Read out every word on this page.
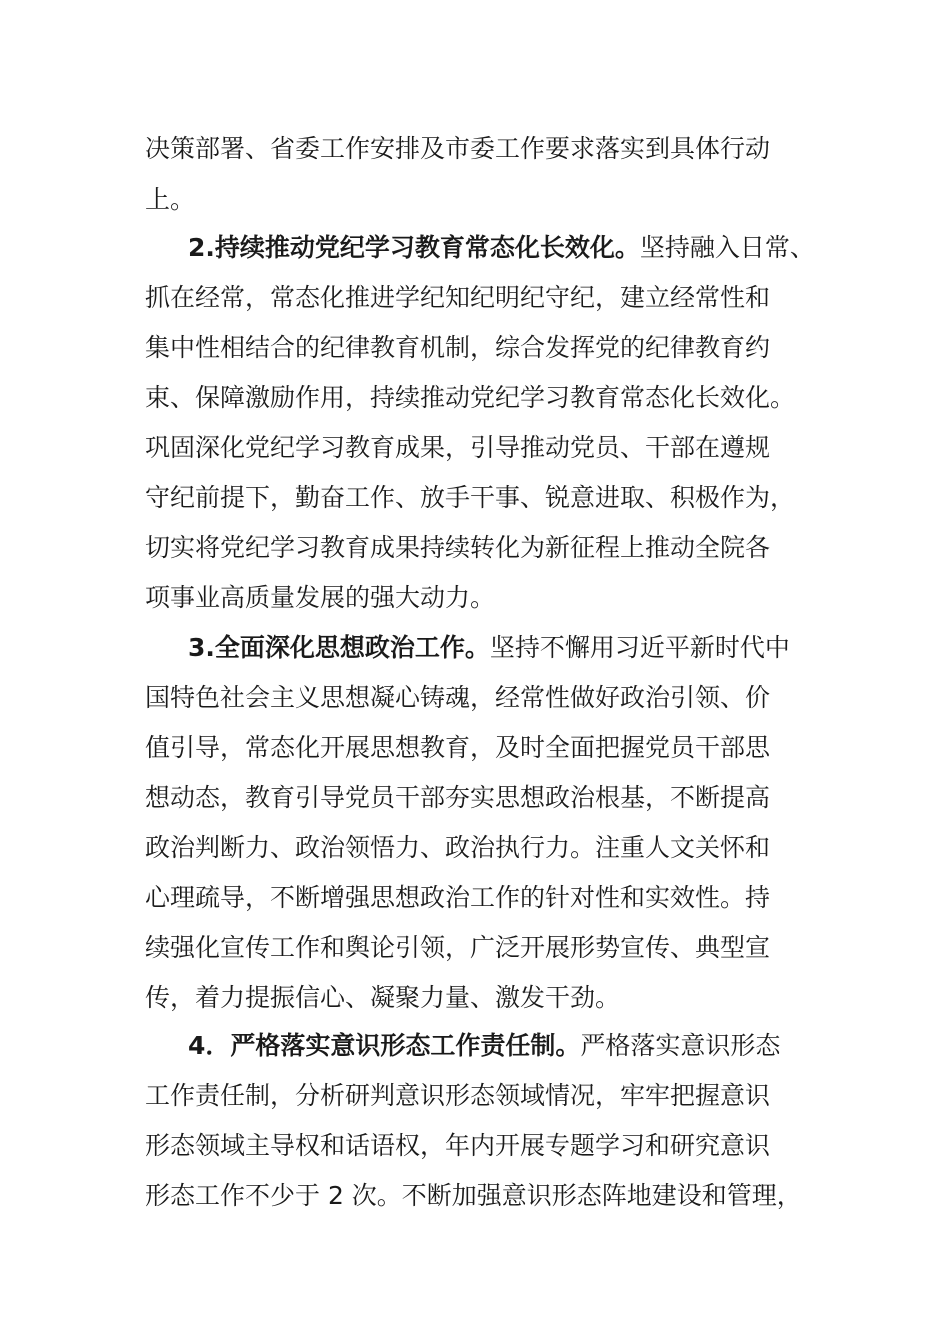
决策部署、省委工作安排及市委工作要求落实到具体行动
上。
2.持续推动党纪学习教育常态化长效化。坚持融入日常、
抓在经常，常态化推进学纪知纪明纪守纪，建立经常性和
集中性相结合的纪律教育机制，综合发挥党的纪律教育约
束、保障激励作用，持续推动党纪学习教育常态化长效化。
巩固深化党纪学习教育成果，引导推动党员、干部在遵规
守纪前提下，勤奋工作、放手干事、锐意进取、积极作为，
切实将党纪学习教育成果持续转化为新征程上推动全院各
项事业高质量发展的强大动力。
3.全面深化思想政治工作。坚持不懈用习近平新时代中
国特色社会主义思想凝心铸魂，经常性做好政治引领、价
值引导，常态化开展思想教育，及时全面把握党员干部思
想动态，教育引导党员干部夯实思想政治根基，不断提高
政治判断力、政治领悟力、政治执行力。注重人文关怀和
心理疏导，不断增强思想政治工作的针对性和实效性。持
续强化宣传工作和舆论引领，广泛开展形势宣传、典型宣
传，着力提振信心、凝聚力量、激发干劲。
4．严格落实意识形态工作责任制。严格落实意识形态
工作责任制，分析研判意识形态领域情况，牢牢把握意识
形态领域主导权和话语权，年内开展专题学习和研究意识
形态工作不少于 2 次。不断加强意识形态阵地建设和管理，
